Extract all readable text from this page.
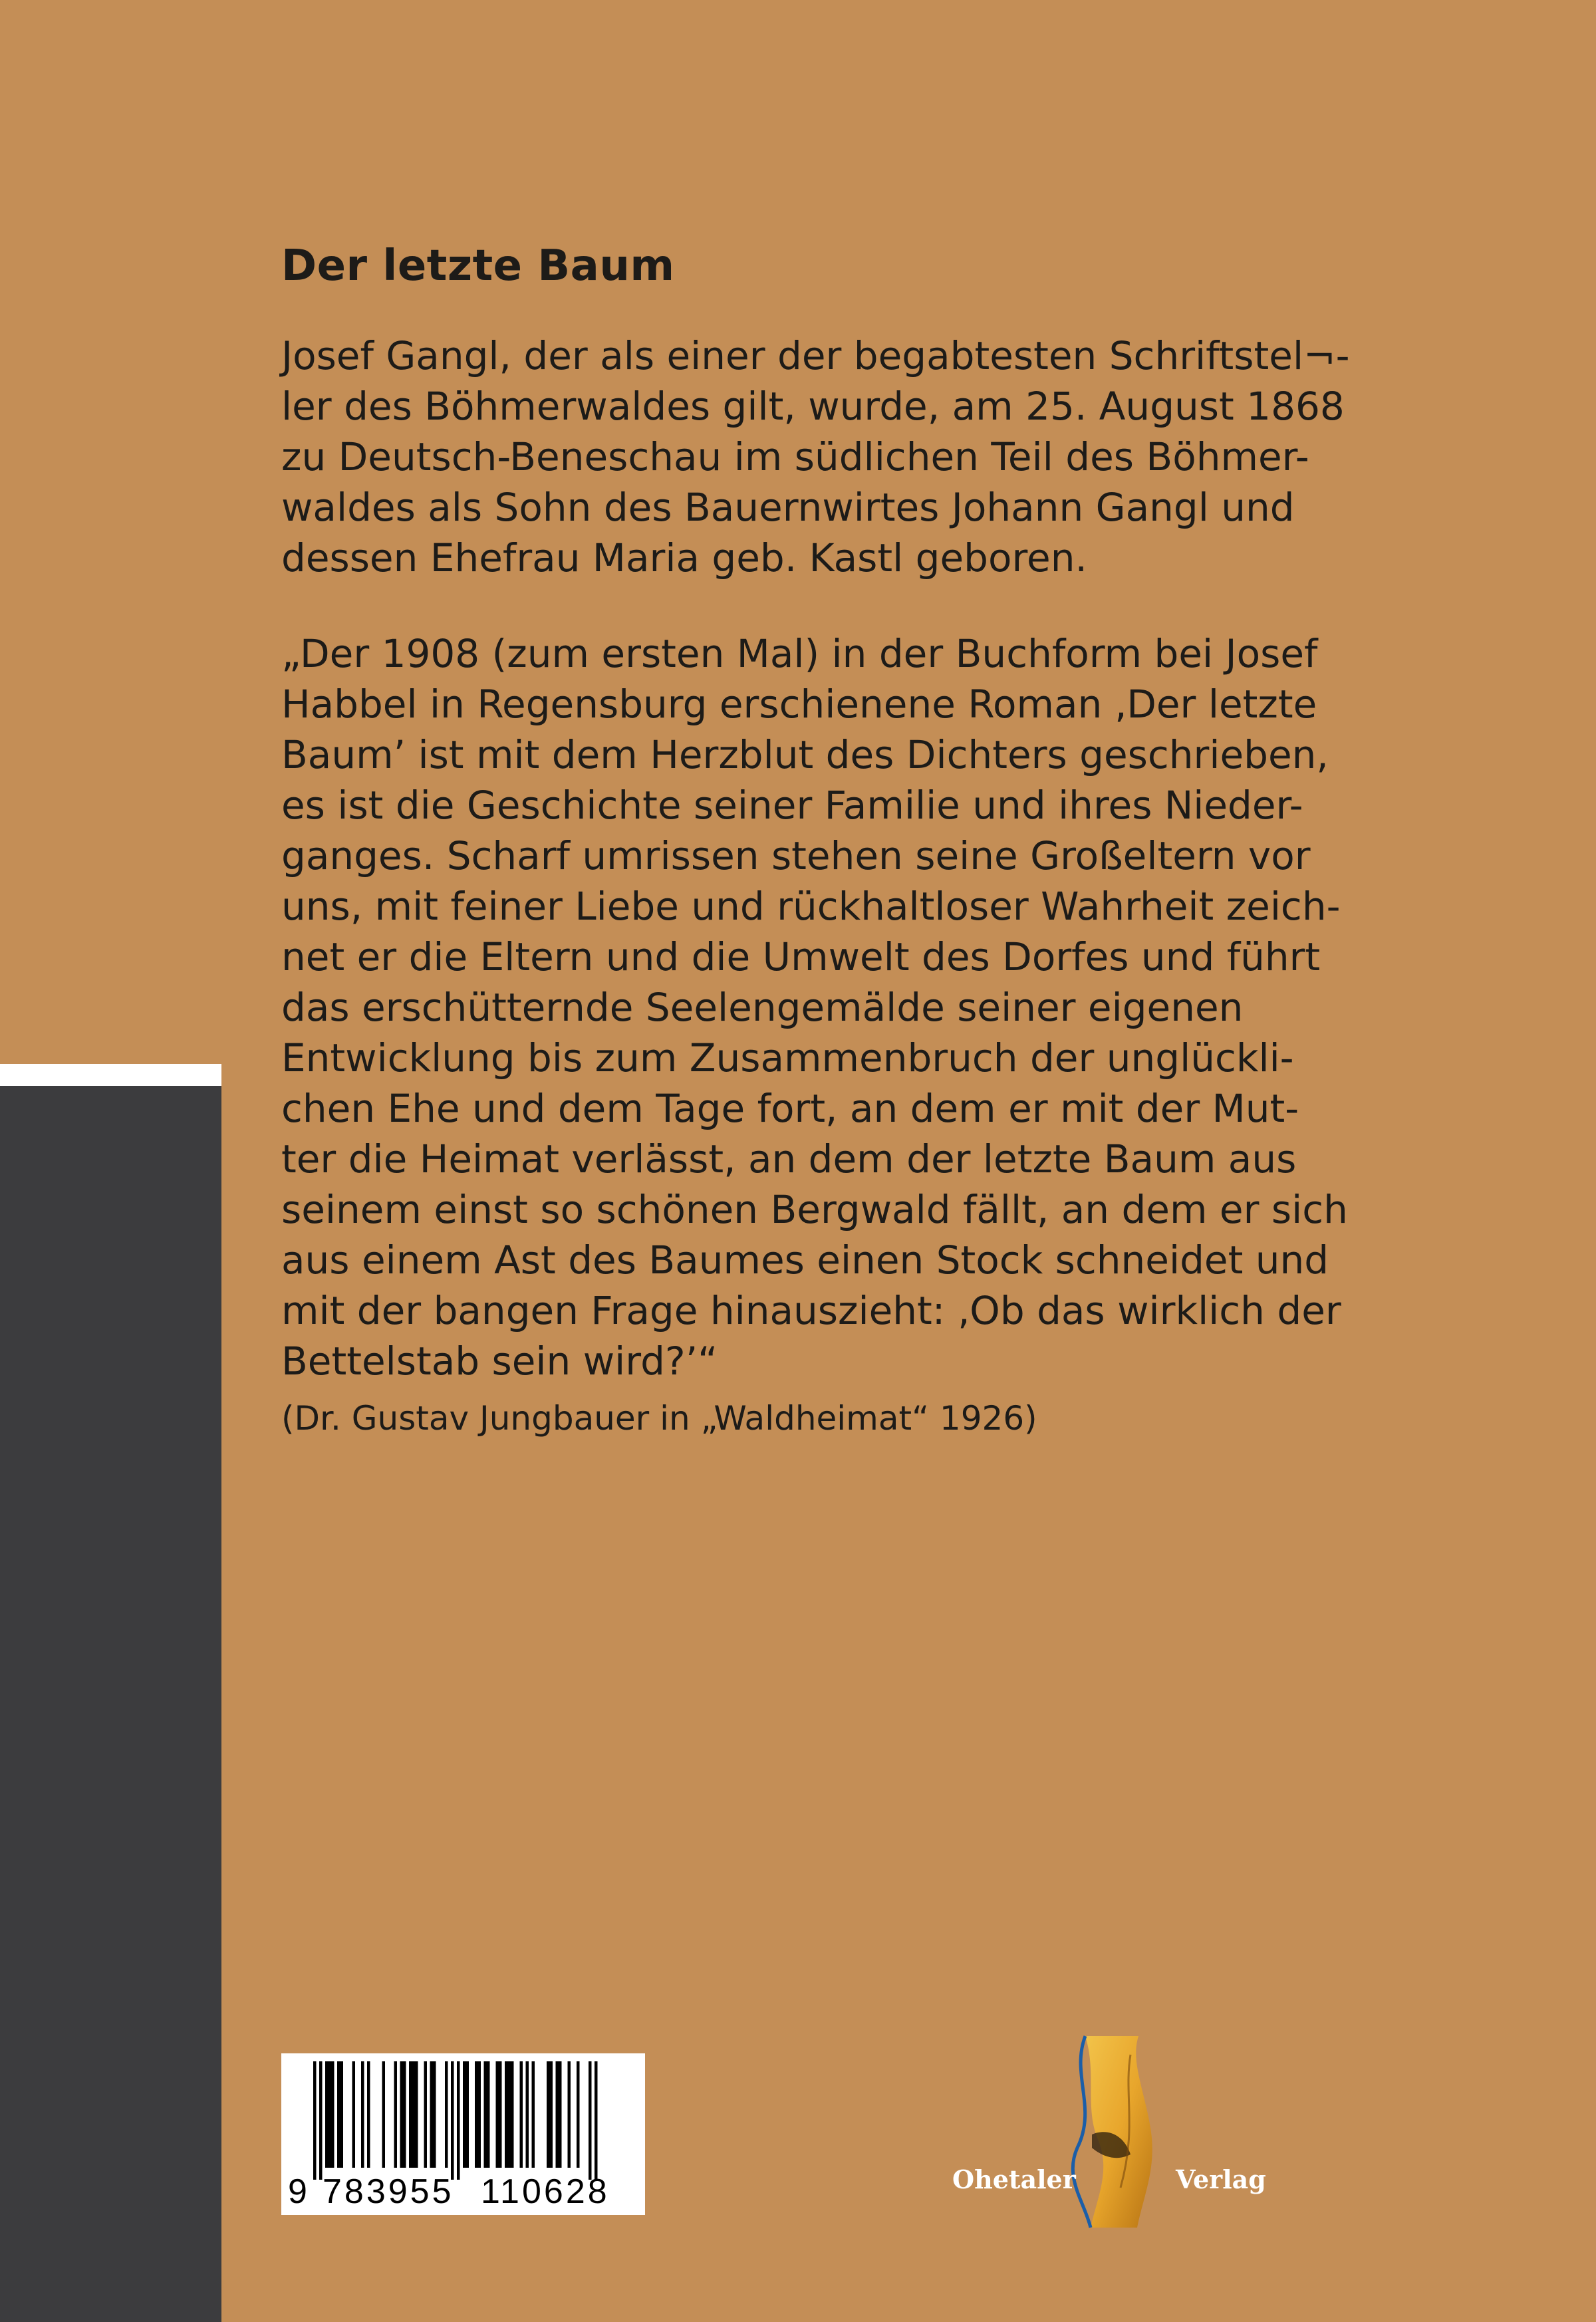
Der letzte Baum

Josef Gangl, der als einer der begabtesten Schriftstel¬-
ler des Böhmerwaldes gilt, wurde, am 25. August 1868
zu Deutsch-Beneschau im südlichen Teil des Böhmer-
waldes als Sohn des Bauernwirtes Johann Gangl und
dessen Ehefrau Maria geb. Kastl geboren.

„Der 1908 (zum ersten Mal) in der Buchform bei Josef
Habbel in Regensburg erschienene Roman ‚Der letzte
Baum’ ist mit dem Herzblut des Dichters geschrieben,
es ist die Geschichte seiner Familie und ihres Nieder-
ganges. Scharf umrissen stehen seine Großeltern vor
uns, mit feiner Liebe und rückhaltloser Wahrheit zeich-
net er die Eltern und die Umwelt des Dorfes und führt
das erschütternde Seelengemälde seiner eigenen
Entwicklung bis zum Zusammenbruch der unglückli-
chen Ehe und dem Tage fort, an dem er mit der Mut-
ter die Heimat verlässt, an dem der letzte Baum aus
seinem einst so schönen Bergwald fällt, an dem er sich
aus einem Ast des Baumes einen Stock schneidet und
mit der bangen Frage hinauszieht: ‚Ob das wirklich der
Bettelstab sein wird?’“

(Dr. Gustav Jungbauer in „Waldheimat“ 1926)

9 783955 110628	Ohetaler	Verlag
